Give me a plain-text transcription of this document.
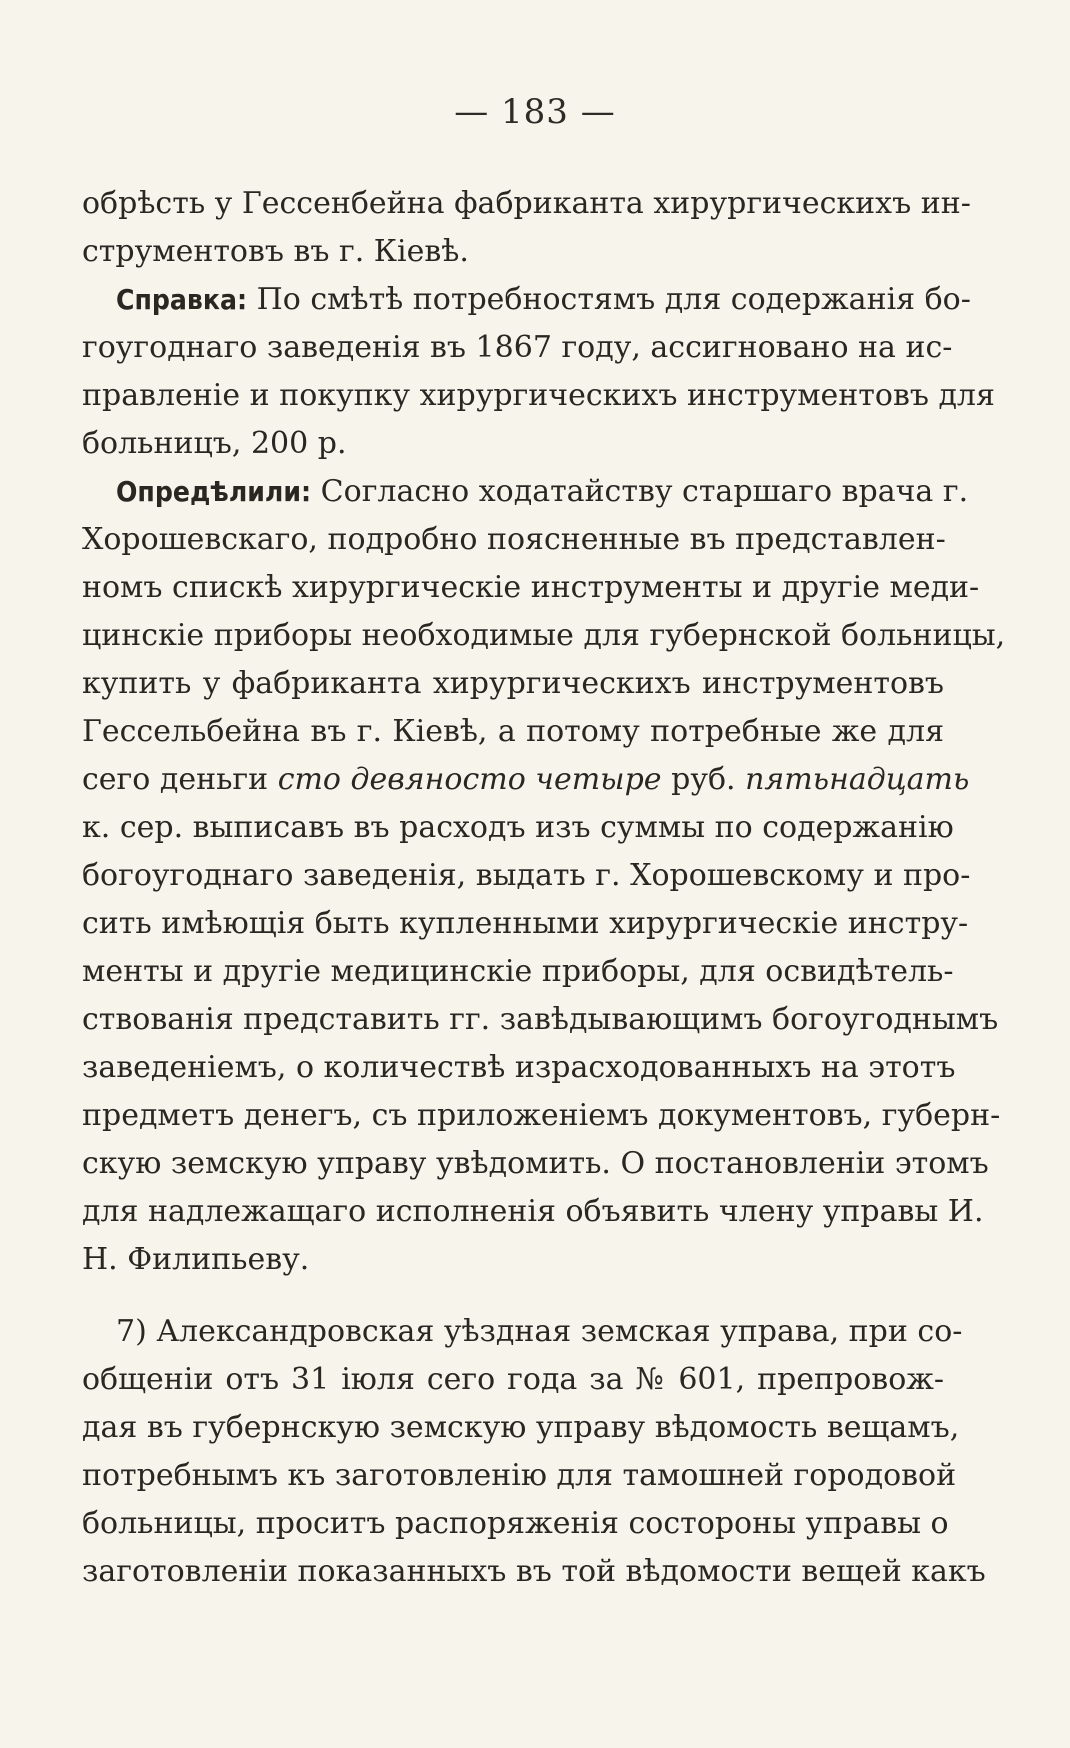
— 183 —
обрѣсть у Гессенбейна фабриканта хирургическихъ ин-
струментовъ въ г. Кіевѣ.
Справка: По смѣтѣ потребностямъ для содержанія бо-
гоугоднаго заведенія въ 1867 году, ассигновано на ис-
правленіе и покупку хирургическихъ инструментовъ для
больницъ, 200 р.
Опредѣлили: Согласно ходатайству старшаго врача г.
Хорошевскаго, подробно поясненные въ представлен-
номъ спискѣ хирургическіе инструменты и другіе меди-
цинскіе приборы необходимые для губернской больницы,
купить у фабриканта хирургическихъ инструментовъ
Гессельбейна въ г. Кіевѣ, а потому потребные же для
сего деньги сто девяносто четыре руб. пятьнадцать
к. сер. выписавъ въ расходъ изъ суммы по содержанію
богоугоднаго заведенія, выдать г. Хорошевскому и про-
сить имѣющія быть купленными хирургическіе инстру-
менты и другіе медицинскіе приборы, для освидѣтель-
ствованія представить гг. завѣдывающимъ богоугоднымъ
заведеніемъ, о количествѣ израсходованныхъ на этотъ
предметъ денегъ, съ приложеніемъ документовъ, губерн-
скую земскую управу увѣдомить. О постановленіи этомъ
для надлежащаго исполненія объявить члену управы И.
Н. Филипьеву.
7) Александровская уѣздная земская управа, при со-
общеніи отъ 31 іюля сего года за № 601, препровож-
дая въ губернскую земскую управу вѣдомость вещамъ,
потребнымъ къ заготовленію для тамошней городовой
больницы, проситъ распоряженія состороны управы о
заготовленіи показанныхъ въ той вѣдомости вещей какъ
